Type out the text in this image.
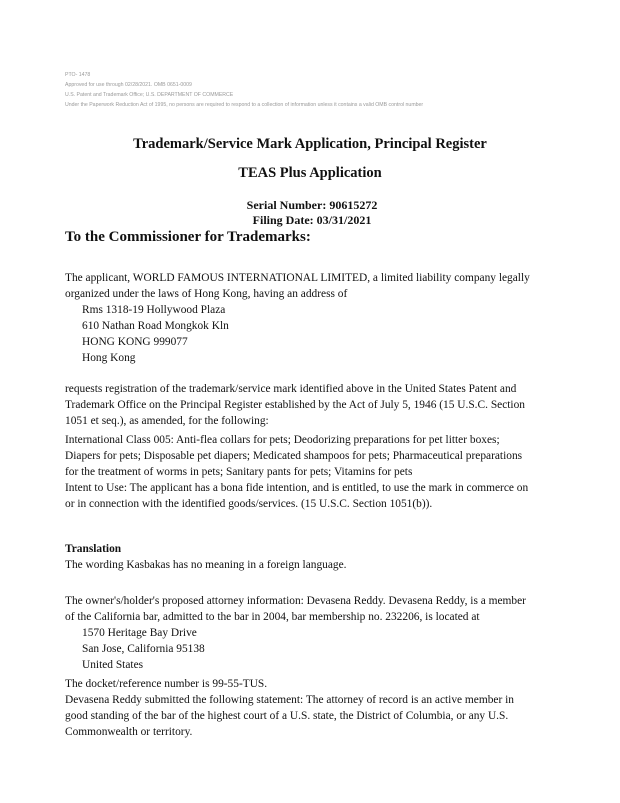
PTO- 1478
Approved for use through 02/28/2021. OMB 0651-0009
U.S. Patent and Trademark Office; U.S. DEPARTMENT OF COMMERCE
Under the Paperwork Reduction Act of 1995, no persons are required to respond to a collection of information unless it contains a valid OMB control number
Trademark/Service Mark Application, Principal Register
TEAS Plus Application
Serial Number: 90615272
Filing Date: 03/31/2021
To the Commissioner for Trademarks:
The applicant, WORLD FAMOUS INTERNATIONAL LIMITED, a limited liability company legally
organized under the laws of Hong Kong, having an address of
Rms 1318-19 Hollywood Plaza
610 Nathan Road Mongkok Kln
HONG KONG 999077
Hong Kong
requests registration of the trademark/service mark identified above in the United States Patent and
Trademark Office on the Principal Register established by the Act of July 5, 1946 (15 U.S.C. Section
1051 et seq.), as amended, for the following:
International Class 005: Anti-flea collars for pets; Deodorizing preparations for pet litter boxes;
Diapers for pets; Disposable pet diapers; Medicated shampoos for pets; Pharmaceutical preparations
for the treatment of worms in pets; Sanitary pants for pets; Vitamins for pets
Intent to Use: The applicant has a bona fide intention, and is entitled, to use the mark in commerce on
or in connection with the identified goods/services. (15 U.S.C. Section 1051(b)).
Translation
The wording Kasbakas has no meaning in a foreign language.
The owner's/holder's proposed attorney information: Devasena Reddy. Devasena Reddy, is a member
of the California bar, admitted to the bar in 2004, bar membership no. 232206, is located at
1570 Heritage Bay Drive
San Jose, California 95138
United States
The docket/reference number is 99-55-TUS.
Devasena Reddy submitted the following statement: The attorney of record is an active member in
good standing of the bar of the highest court of a U.S. state, the District of Columbia, or any U.S.
Commonwealth or territory.
